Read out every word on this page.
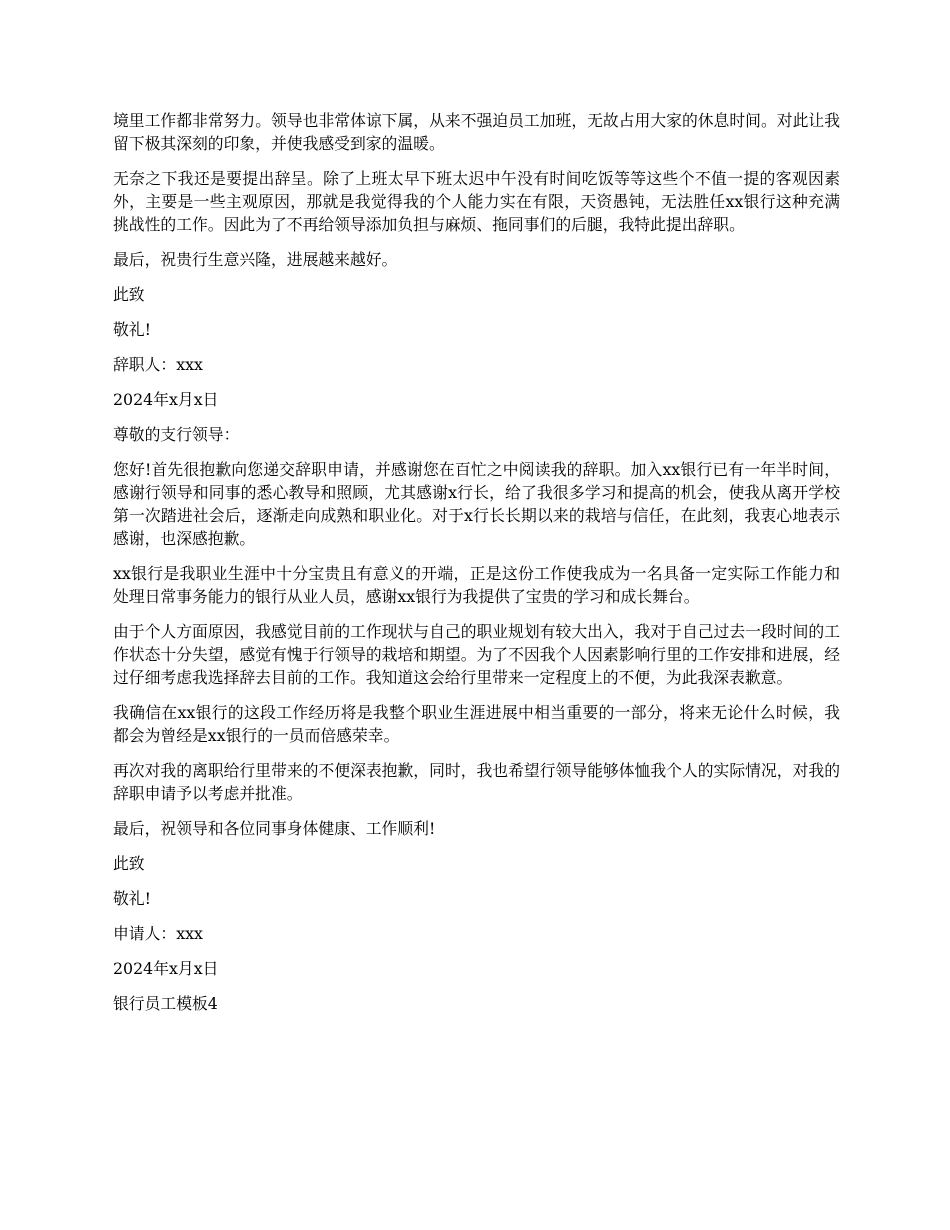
境里工作都非常努力。领导也非常体谅下属，从来不强迫员工加班，无故占用大家的休息时间。对此让我留下极其深刻的印象，并使我感受到家的温暖。

无奈之下我还是要提出辞呈。除了上班太早下班太迟中午没有时间吃饭等等这些个不值一提的客观因素外，主要是一些主观原因，那就是我觉得我的个人能力实在有限，天资愚钝，无法胜任xx银行这种充满挑战性的工作。因此为了不再给领导添加负担与麻烦、拖同事们的后腿，我特此提出辞职。

最后，祝贵行生意兴隆，进展越来越好。

此致

敬礼!

辞职人：xxx

2024年x月x日

尊敬的支行领导：

您好!首先很抱歉向您递交辞职申请，并感谢您在百忙之中阅读我的辞职。加入xx银行已有一年半时间，感谢行领导和同事的悉心教导和照顾，尤其感谢x行长，给了我很多学习和提高的机会，使我从离开学校第一次踏进社会后，逐渐走向成熟和职业化。对于x行长长期以来的栽培与信任，在此刻，我衷心地表示感谢，也深感抱歉。

xx银行是我职业生涯中十分宝贵且有意义的开端，正是这份工作使我成为一名具备一定实际工作能力和处理日常事务能力的银行从业人员，感谢xx银行为我提供了宝贵的学习和成长舞台。

由于个人方面原因，我感觉目前的工作现状与自己的职业规划有较大出入，我对于自己过去一段时间的工作状态十分失望，感觉有愧于行领导的栽培和期望。为了不因我个人因素影响行里的工作安排和进展，经过仔细考虑我选择辞去目前的工作。我知道这会给行里带来一定程度上的不便，为此我深表歉意。

我确信在xx银行的这段工作经历将是我整个职业生涯进展中相当重要的一部分，将来无论什么时候，我都会为曾经是xx银行的一员而倍感荣幸。

再次对我的离职给行里带来的不便深表抱歉，同时，我也希望行领导能够体恤我个人的实际情况，对我的辞职申请予以考虑并批准。

最后，祝领导和各位同事身体健康、工作顺利!

此致

敬礼!

申请人：xxx

2024年x月x日

银行员工模板4
